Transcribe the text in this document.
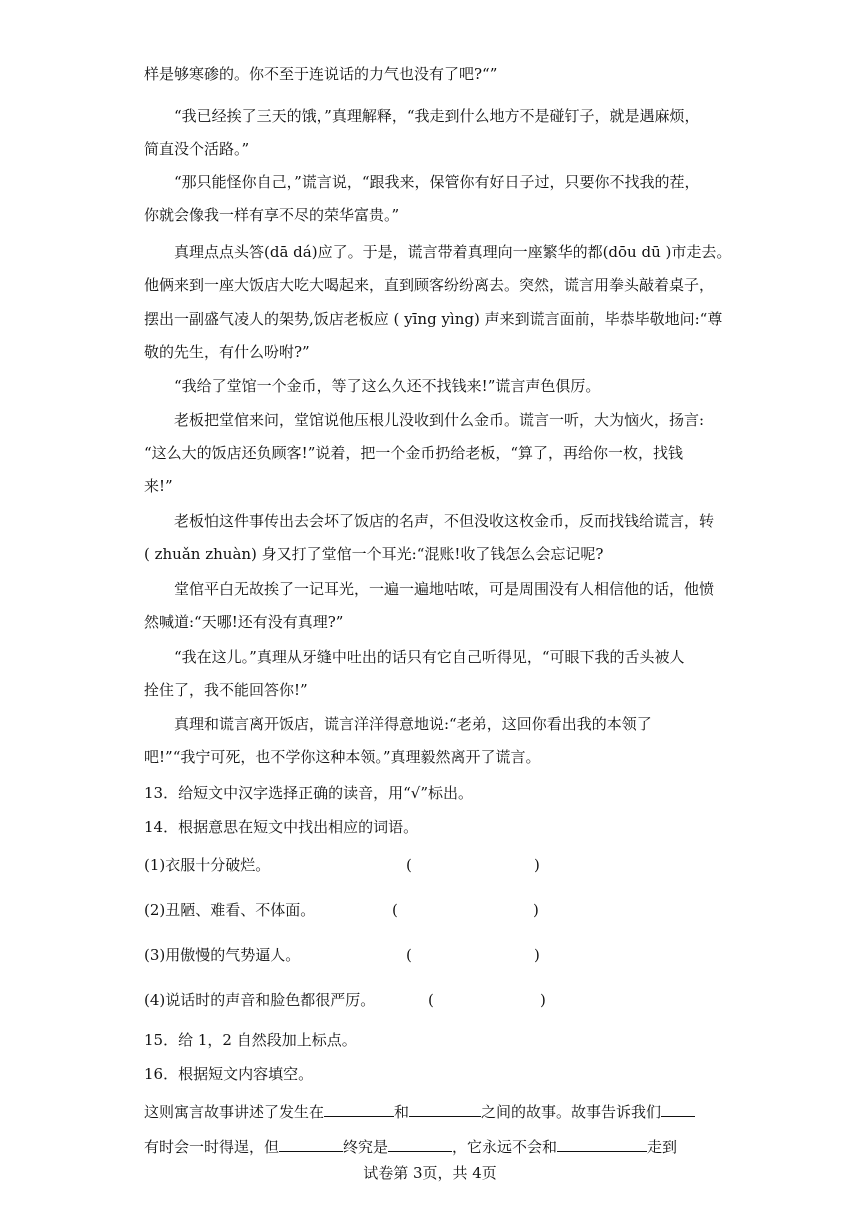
样是够寒碜的。你不至于连说话的力气也没有了吧?“”
“我已经挨了三天的饿，”真理解释，“我走到什么地方不是碰钉子，就是遇麻烦，
简直没个活路。”
“那只能怪你自己，”谎言说，“跟我来，保管你有好日子过，只要你不找我的茬，
你就会像我一样有享不尽的荣华富贵。”
真理点点头答(dā dá)应了。于是，谎言带着真理向一座繁华的都(dōu dū )市走去。
他俩来到一座大饭店大吃大喝起来，直到顾客纷纷离去。突然，谎言用拳头敲着桌子，
摆出一副盛气凌人的架势,饭店老板应 ( yīng yìng) 声来到谎言面前，毕恭毕敬地问:“尊
敬的先生，有什么吩咐?”
“我给了堂馆一个金币，等了这么久还不找钱来!”谎言声色俱厉。
老板把堂倌来问，堂馆说他压根儿没收到什么金币。谎言一听，大为恼火，扬言:
“这么大的饭店还负顾客!”说着，把一个金币扔给老板，“算了，再给你一枚，找钱
来!”
老板怕这件事传出去会坏了饭店的名声，不但没收这枚金币，反而找钱给谎言，转
( zhuǎn zhuàn) 身又打了堂倌一个耳光:“混账!收了钱怎么会忘记呢?
堂倌平白无故挨了一记耳光，一遍一遍地咕哝，可是周围没有人相信他的话，他愤
然喊道:“天哪!还有没有真理?”
“我在这儿。”真理从牙缝中吐出的话只有它自己听得见，“可眼下我的舌头被人
拴住了，我不能回答你!”
真理和谎言离开饭店，谎言洋洋得意地说:“老弟，这回你看出我的本领了
吧!”“我宁可死，也不学你这种本领。”真理毅然离开了谎言。
13．给短文中汉字选择正确的读音，用“√”标出。
14．根据意思在短文中找出相应的词语。
(1)衣服十分破烂。	(	)
(2)丑陋、难看、不体面。	(	)
(3)用傲慢的气势逼人。	(	)
(4)说话时的声音和脸色都很严厉。	(	)
15．给 1，2 自然段加上标点。
16．根据短文内容填空。
这则寓言故事讲述了发生在	和	之间的故事。故事告诉我们
有时会一时得逞，但	终究是	，它永远不会和	走到
试卷第 3页，共 4页
